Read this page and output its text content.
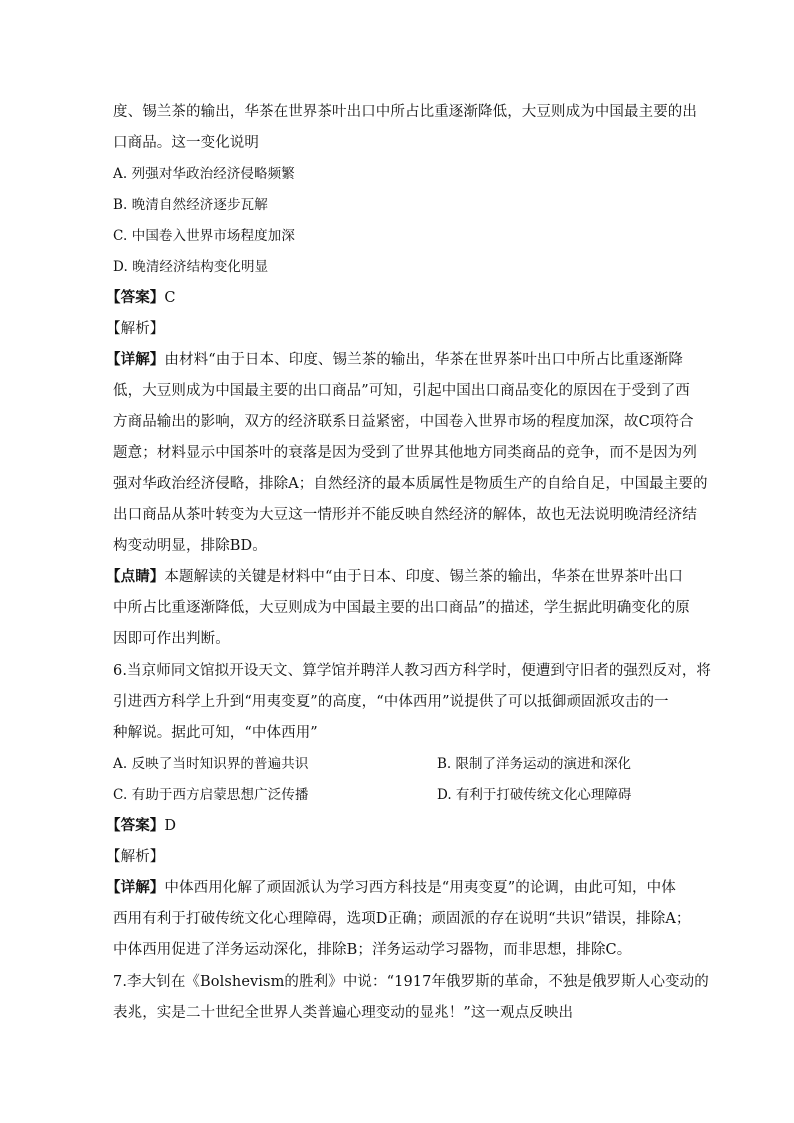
度、锡兰茶的输出，华茶在世界茶叶出口中所占比重逐渐降低，大豆则成为中国最主要的出
口商品。这一变化说明
A. 列强对华政治经济侵略频繁
B. 晚清自然经济逐步瓦解
C. 中国卷入世界市场程度加深
D. 晚清经济结构变化明显
【答案】C
【解析】
【详解】由材料“由于日本、印度、锡兰茶的输出，华茶在世界茶叶出口中所占比重逐渐降
低，大豆则成为中国最主要的出口商品”可知，引起中国出口商品变化的原因在于受到了西
方商品输出的影响，双方的经济联系日益紧密，中国卷入世界市场的程度加深，故C项符合
题意；材料显示中国茶叶的衰落是因为受到了世界其他地方同类商品的竞争，而不是因为列
强对华政治经济侵略，排除A；自然经济的最本质属性是物质生产的自给自足，中国最主要的
出口商品从茶叶转变为大豆这一情形并不能反映自然经济的解体，故也无法说明晚清经济结
构变动明显，排除BD。
【点睛】本题解读的关键是材料中“由于日本、印度、锡兰茶的输出，华茶在世界茶叶出口
中所占比重逐渐降低，大豆则成为中国最主要的出口商品”的描述，学生据此明确变化的原
因即可作出判断。
6.当京师同文馆拟开设天文、算学馆并聘洋人教习西方科学时，便遭到守旧者的强烈反对，将
引进西方科学上升到“用夷变夏”的高度，“中体西用”说提供了可以抵御顽固派攻击的一
种解说。据此可知，“中体西用”
A. 反映了当时知识界的普遍共识	B. 限制了洋务运动的演进和深化
C. 有助于西方启蒙思想广泛传播	D. 有利于打破传统文化心理障碍
【答案】D
【解析】
【详解】中体西用化解了顽固派认为学习西方科技是“用夷变夏”的论调，由此可知，中体
西用有利于打破传统文化心理障碍，选项D正确；顽固派的存在说明“共识”错误，排除A；
中体西用促进了洋务运动深化，排除B；洋务运动学习器物，而非思想，排除C。
7.李大钊在《Bolshevism的胜利》中说：“1917年俄罗斯的革命，不独是俄罗斯人心变动的
表兆，实是二十世纪全世界人类普遍心理变动的显兆！”这一观点反映出
